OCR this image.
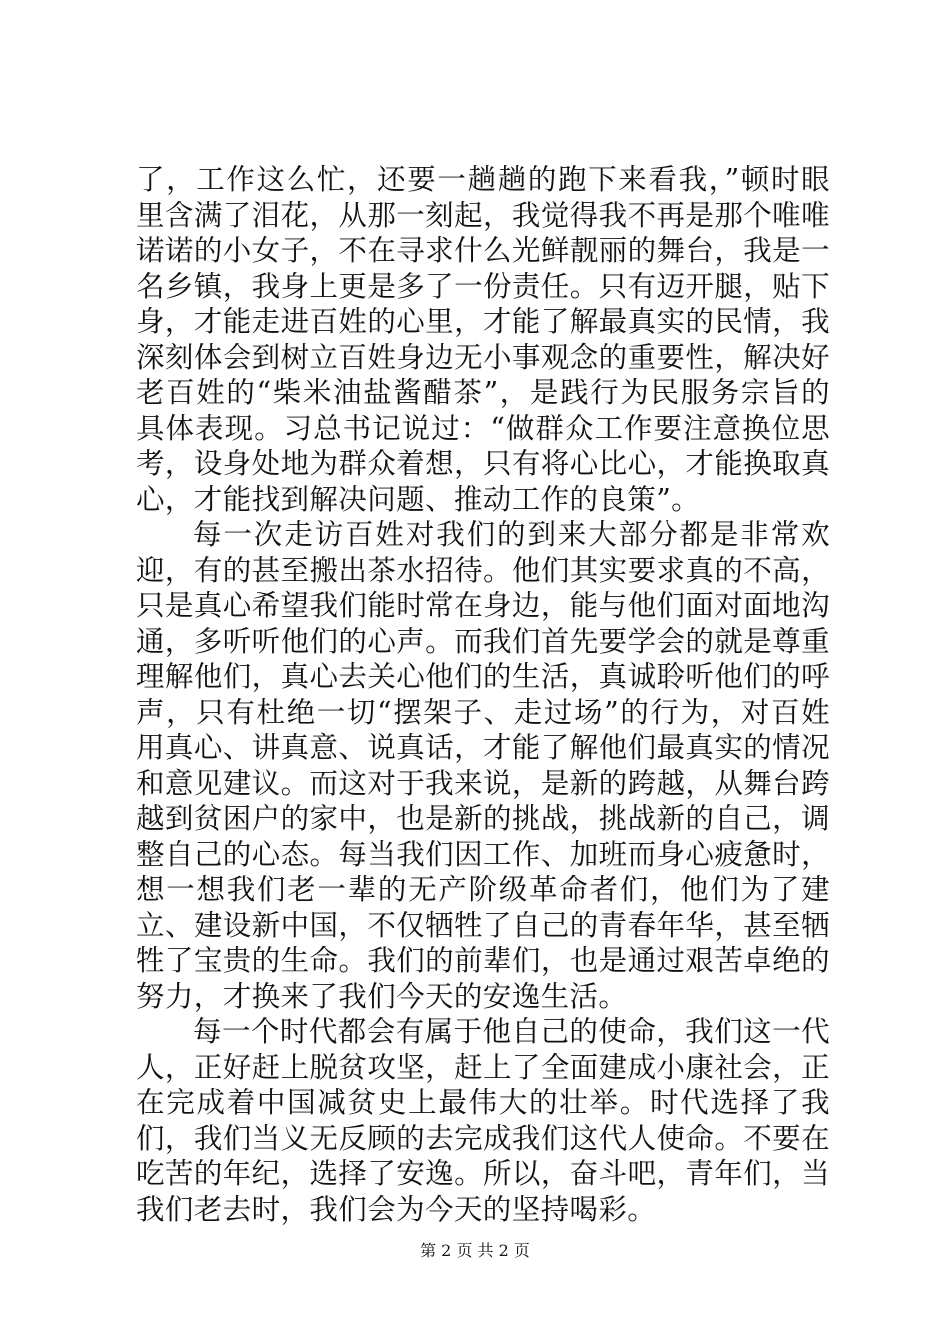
了，工作这么忙，还要一趟趟的跑下来看我，”顿时眼里含满了泪花，从那一刻起，我觉得我不再是那个唯唯诺诺的小女子，不在寻求什么光鲜靓丽的舞台，我是一名乡镇，我身上更是多了一份责任。只有迈开腿，贴下身，才能走进百姓的心里，才能了解最真实的民情，我深刻体会到树立百姓身边无小事观念的重要性，解决好老百姓的“柴米油盐酱醋茶”，是践行为民服务宗旨的具体表现。习总书记说过：“做群众工作要注意换位思考，设身处地为群众着想，只有将心比心，才能换取真心，才能找到解决问题、推动工作的良策”。

每一次走访百姓对我们的到来大部分都是非常欢迎，有的甚至搬出茶水招待。他们其实要求真的不高，只是真心希望我们能时常在身边，能与他们面对面地沟通，多听听他们的心声。而我们首先要学会的就是尊重理解他们，真心去关心他们的生活，真诚聆听他们的呼声，只有杜绝一切“摆架子、走过场”的行为，对百姓用真心、讲真意、说真话，才能了解他们最真实的情况和意见建议。而这对于我来说，是新的跨越，从舞台跨越到贫困户的家中，也是新的挑战，挑战新的自己，调整自己的心态。每当我们因工作、加班而身心疲惫时，想一想我们老一辈的无产阶级革命者们，他们为了建立、建设新中国，不仅牺牲了自己的青春年华，甚至牺牲了宝贵的生命。我们的前辈们，也是通过艰苦卓绝的努力，才换来了我们今天的安逸生活。

每一个时代都会有属于他自己的使命，我们这一代人，正好赶上脱贫攻坚，赶上了全面建成小康社会，正在完成着中国减贫史上最伟大的壮举。时代选择了我们，我们当义无反顾的去完成我们这代人使命。不要在吃苦的年纪，选择了安逸。所以，奋斗吧，青年们，当我们老去时，我们会为今天的坚持喝彩。

第 2 页 共 2 页
